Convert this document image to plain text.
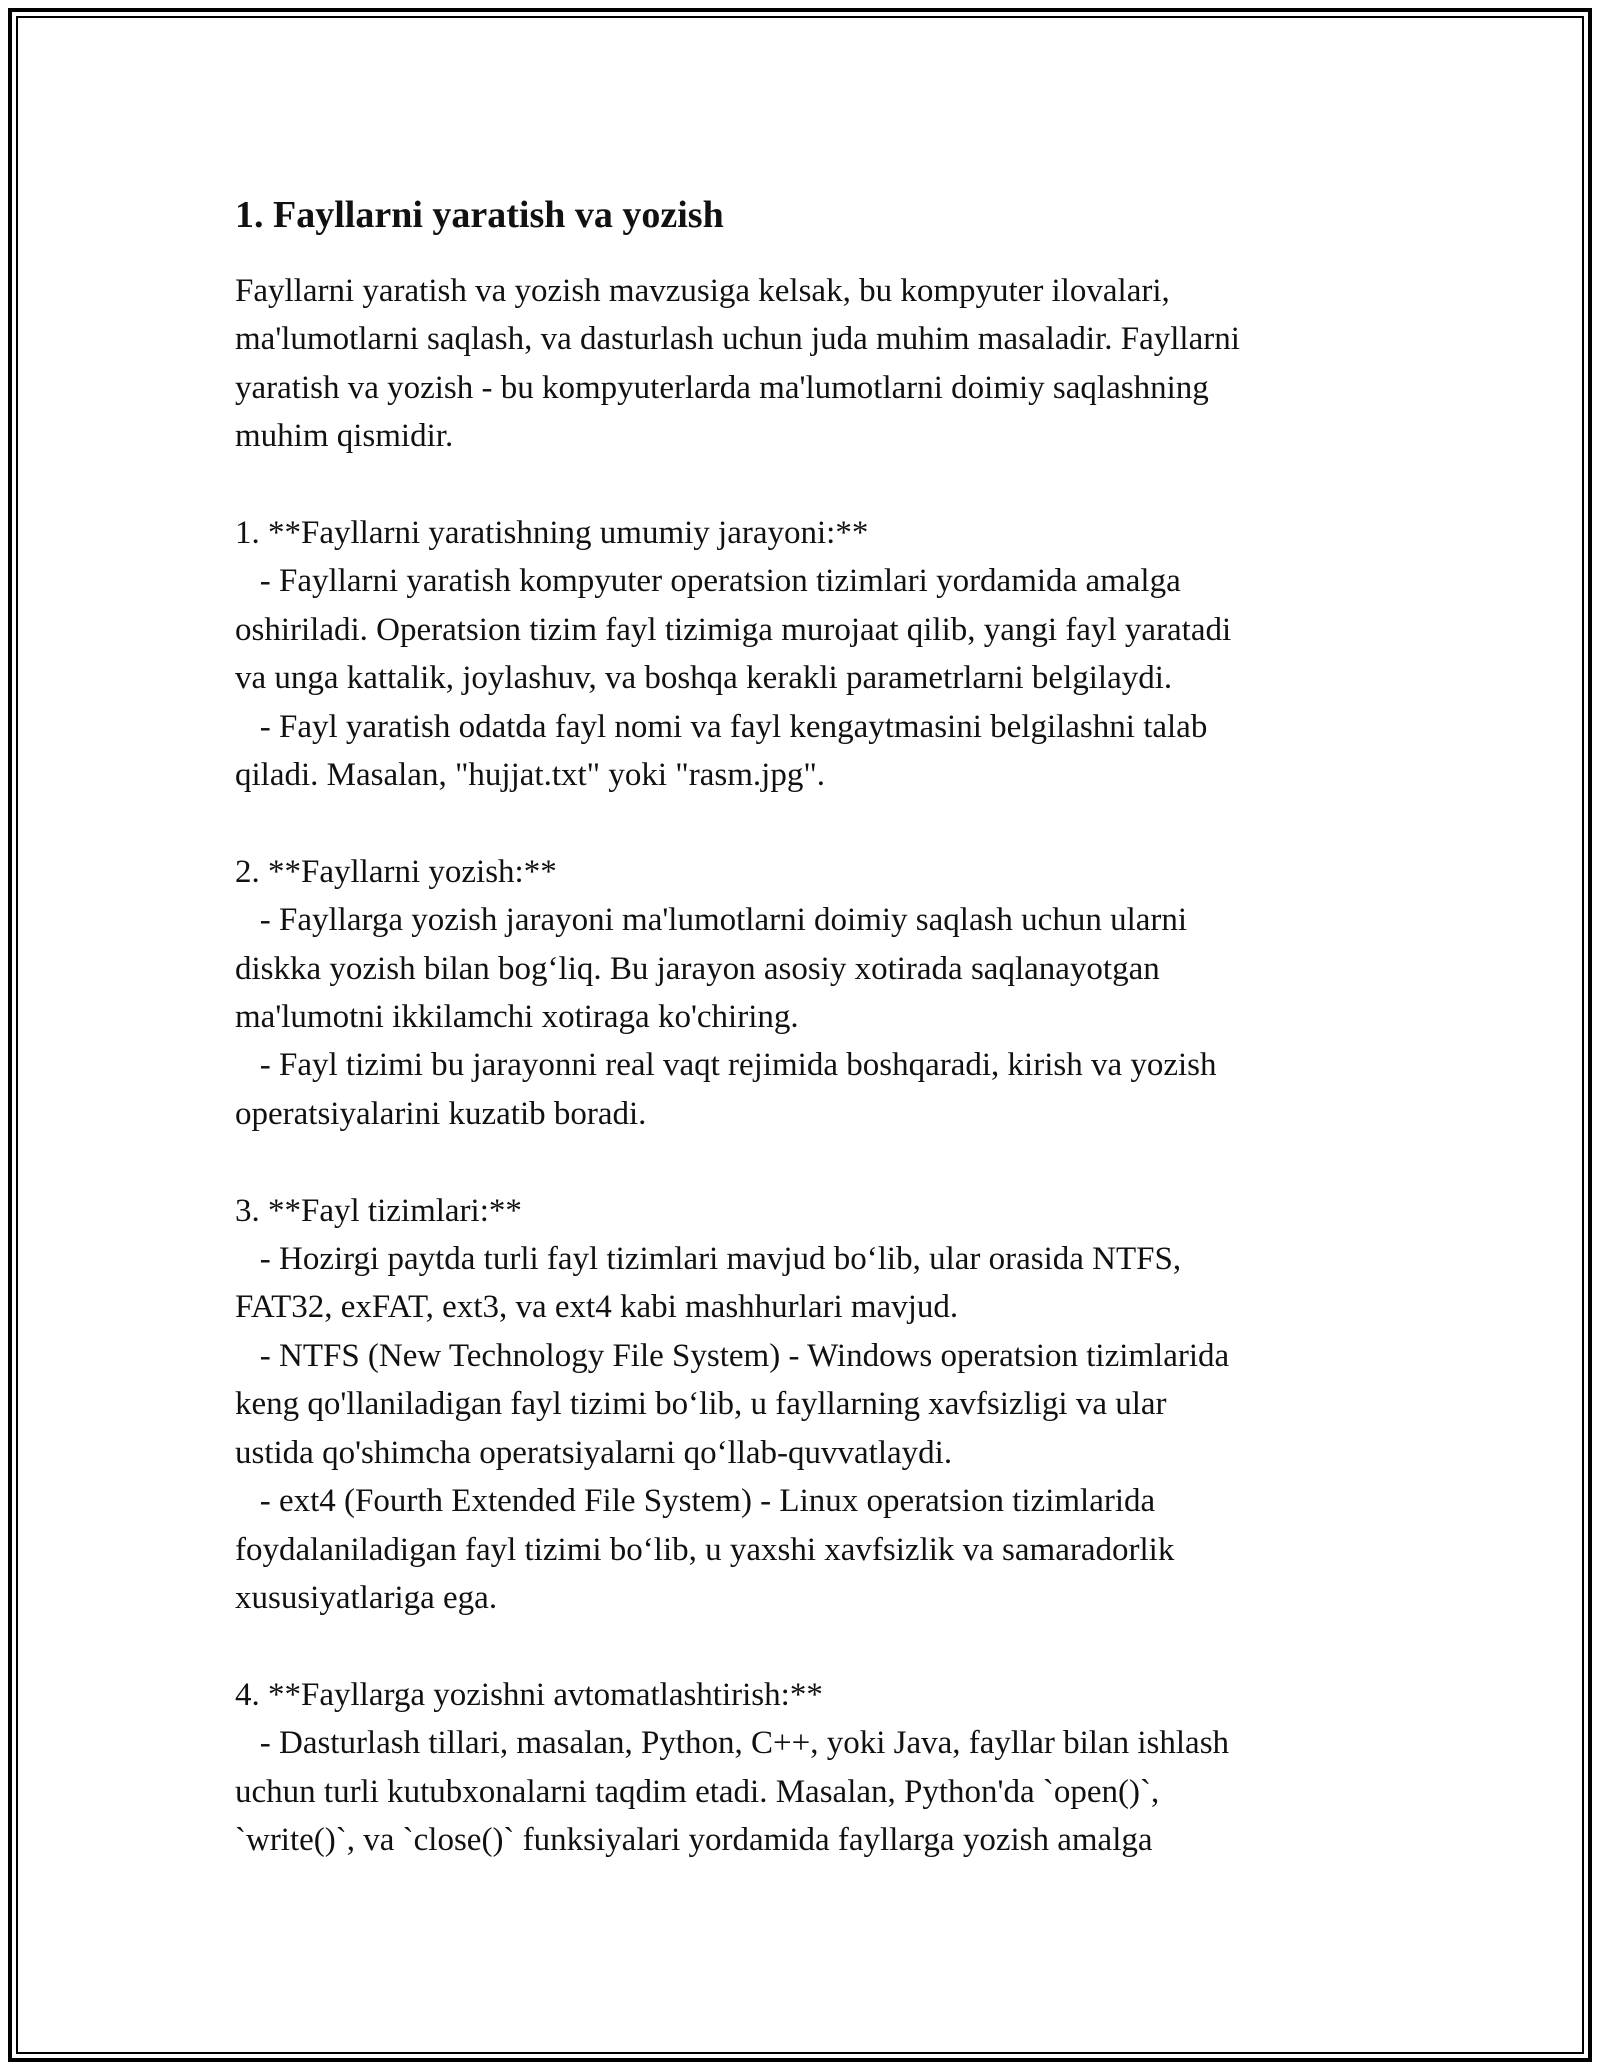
1. Fayllarni yaratish va yozish

Fayllarni yaratish va yozish mavzusiga kelsak, bu kompyuter ilovalari,

ma'lumotlarni saqlash, va dasturlash uchun juda muhim masaladir. Fayllarni

yaratish va yozish - bu kompyuterlarda ma'lumotlarni doimiy saqlashning

muhim qismidir.

1. **Fayllarni yaratishning umumiy jarayoni:**

- Fayllarni yaratish kompyuter operatsion tizimlari yordamida amalga

oshiriladi. Operatsion tizim fayl tizimiga murojaat qilib, yangi fayl yaratadi

va unga kattalik, joylashuv, va boshqa kerakli parametrlarni belgilaydi.

- Fayl yaratish odatda fayl nomi va fayl kengaytmasini belgilashni talab

qiladi. Masalan, "hujjat.txt" yoki "rasm.jpg".

2. **Fayllarni yozish:**

- Fayllarga yozish jarayoni ma'lumotlarni doimiy saqlash uchun ularni

diskka yozish bilan bog‘liq. Bu jarayon asosiy xotirada saqlanayotgan

ma'lumotni ikkilamchi xotiraga ko'chiring.

- Fayl tizimi bu jarayonni real vaqt rejimida boshqaradi, kirish va yozish

operatsiyalarini kuzatib boradi.

3. **Fayl tizimlari:**

- Hozirgi paytda turli fayl tizimlari mavjud bo‘lib, ular orasida NTFS,

FAT32, exFAT, ext3, va ext4 kabi mashhurlari mavjud.

- NTFS (New Technology File System) - Windows operatsion tizimlarida

keng qo'llaniladigan fayl tizimi bo‘lib, u fayllarning xavfsizligi va ular

ustida qo'shimcha operatsiyalarni qo‘llab-quvvatlaydi.

- ext4 (Fourth Extended File System) - Linux operatsion tizimlarida

foydalaniladigan fayl tizimi bo‘lib, u yaxshi xavfsizlik va samaradorlik

xususiyatlariga ega.

4. **Fayllarga yozishni avtomatlashtirish:**

- Dasturlash tillari, masalan, Python, C++, yoki Java, fayllar bilan ishlash

uchun turli kutubxonalarni taqdim etadi. Masalan, Python'da `open()`,

`write()`, va `close()` funksiyalari yordamida fayllarga yozish amalga
